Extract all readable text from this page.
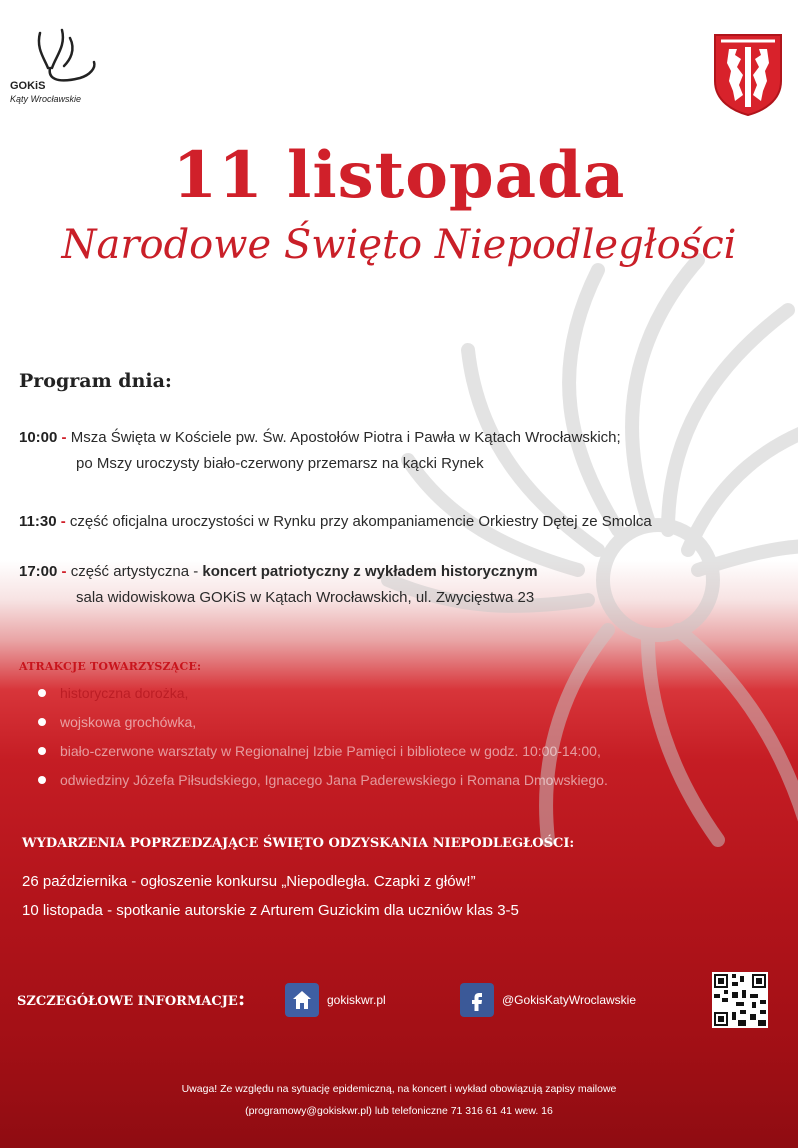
GOKiS
Kąty Wrocławskie
11 listopada
Narodowe Święto Niepodległości
Program dnia:
10:00 - Msza Święta w Kościele pw. Św. Apostołów Piotra i Pawła w Kątach Wrocławskich;
po Mszy uroczysty biało-czerwony przemarsz na kącki Rynek
11:30 - część oficjalna uroczystości w Rynku przy akompaniamencie Orkiestry Dętej ze Smolca
17:00 - część artystyczna - koncert patriotyczny z wykładem historycznym
sala widowiskowa GOKiS w Kątach Wrocławskich, ul. Zwycięstwa 23
ATRAKCJE TOWARZYSZĄCE:
historyczna dorożka,
wojskowa grochówka,
biało-czerwone warsztaty w Regionalnej Izbie Pamięci i bibliotece w godz. 10:00-14:00,
odwiedziny Józefa Piłsudskiego, Ignacego Jana Paderewskiego i Romana Dmowskiego.
WYDARZENIA POPRZEDZAJĄCE ŚWIĘTO ODZYSKANIA NIEPODLEGŁOŚCI:
26 października - ogłoszenie konkursu „Niepodległa. Czapki z głów!”
10 listopada - spotkanie autorskie z Arturem Guzickim dla uczniów klas 3-5
SZCZEGÓŁOWE INFORMACJE:	gokiskwr.pl	@GokisKatyWroclawskie
Uwaga! Ze względu na sytuację epidemiczną, na koncert i wykład obowiązują zapisy mailowe
(programowy@gokiskwr.pl) lub telefoniczne 71 316 61 41 wew. 16
